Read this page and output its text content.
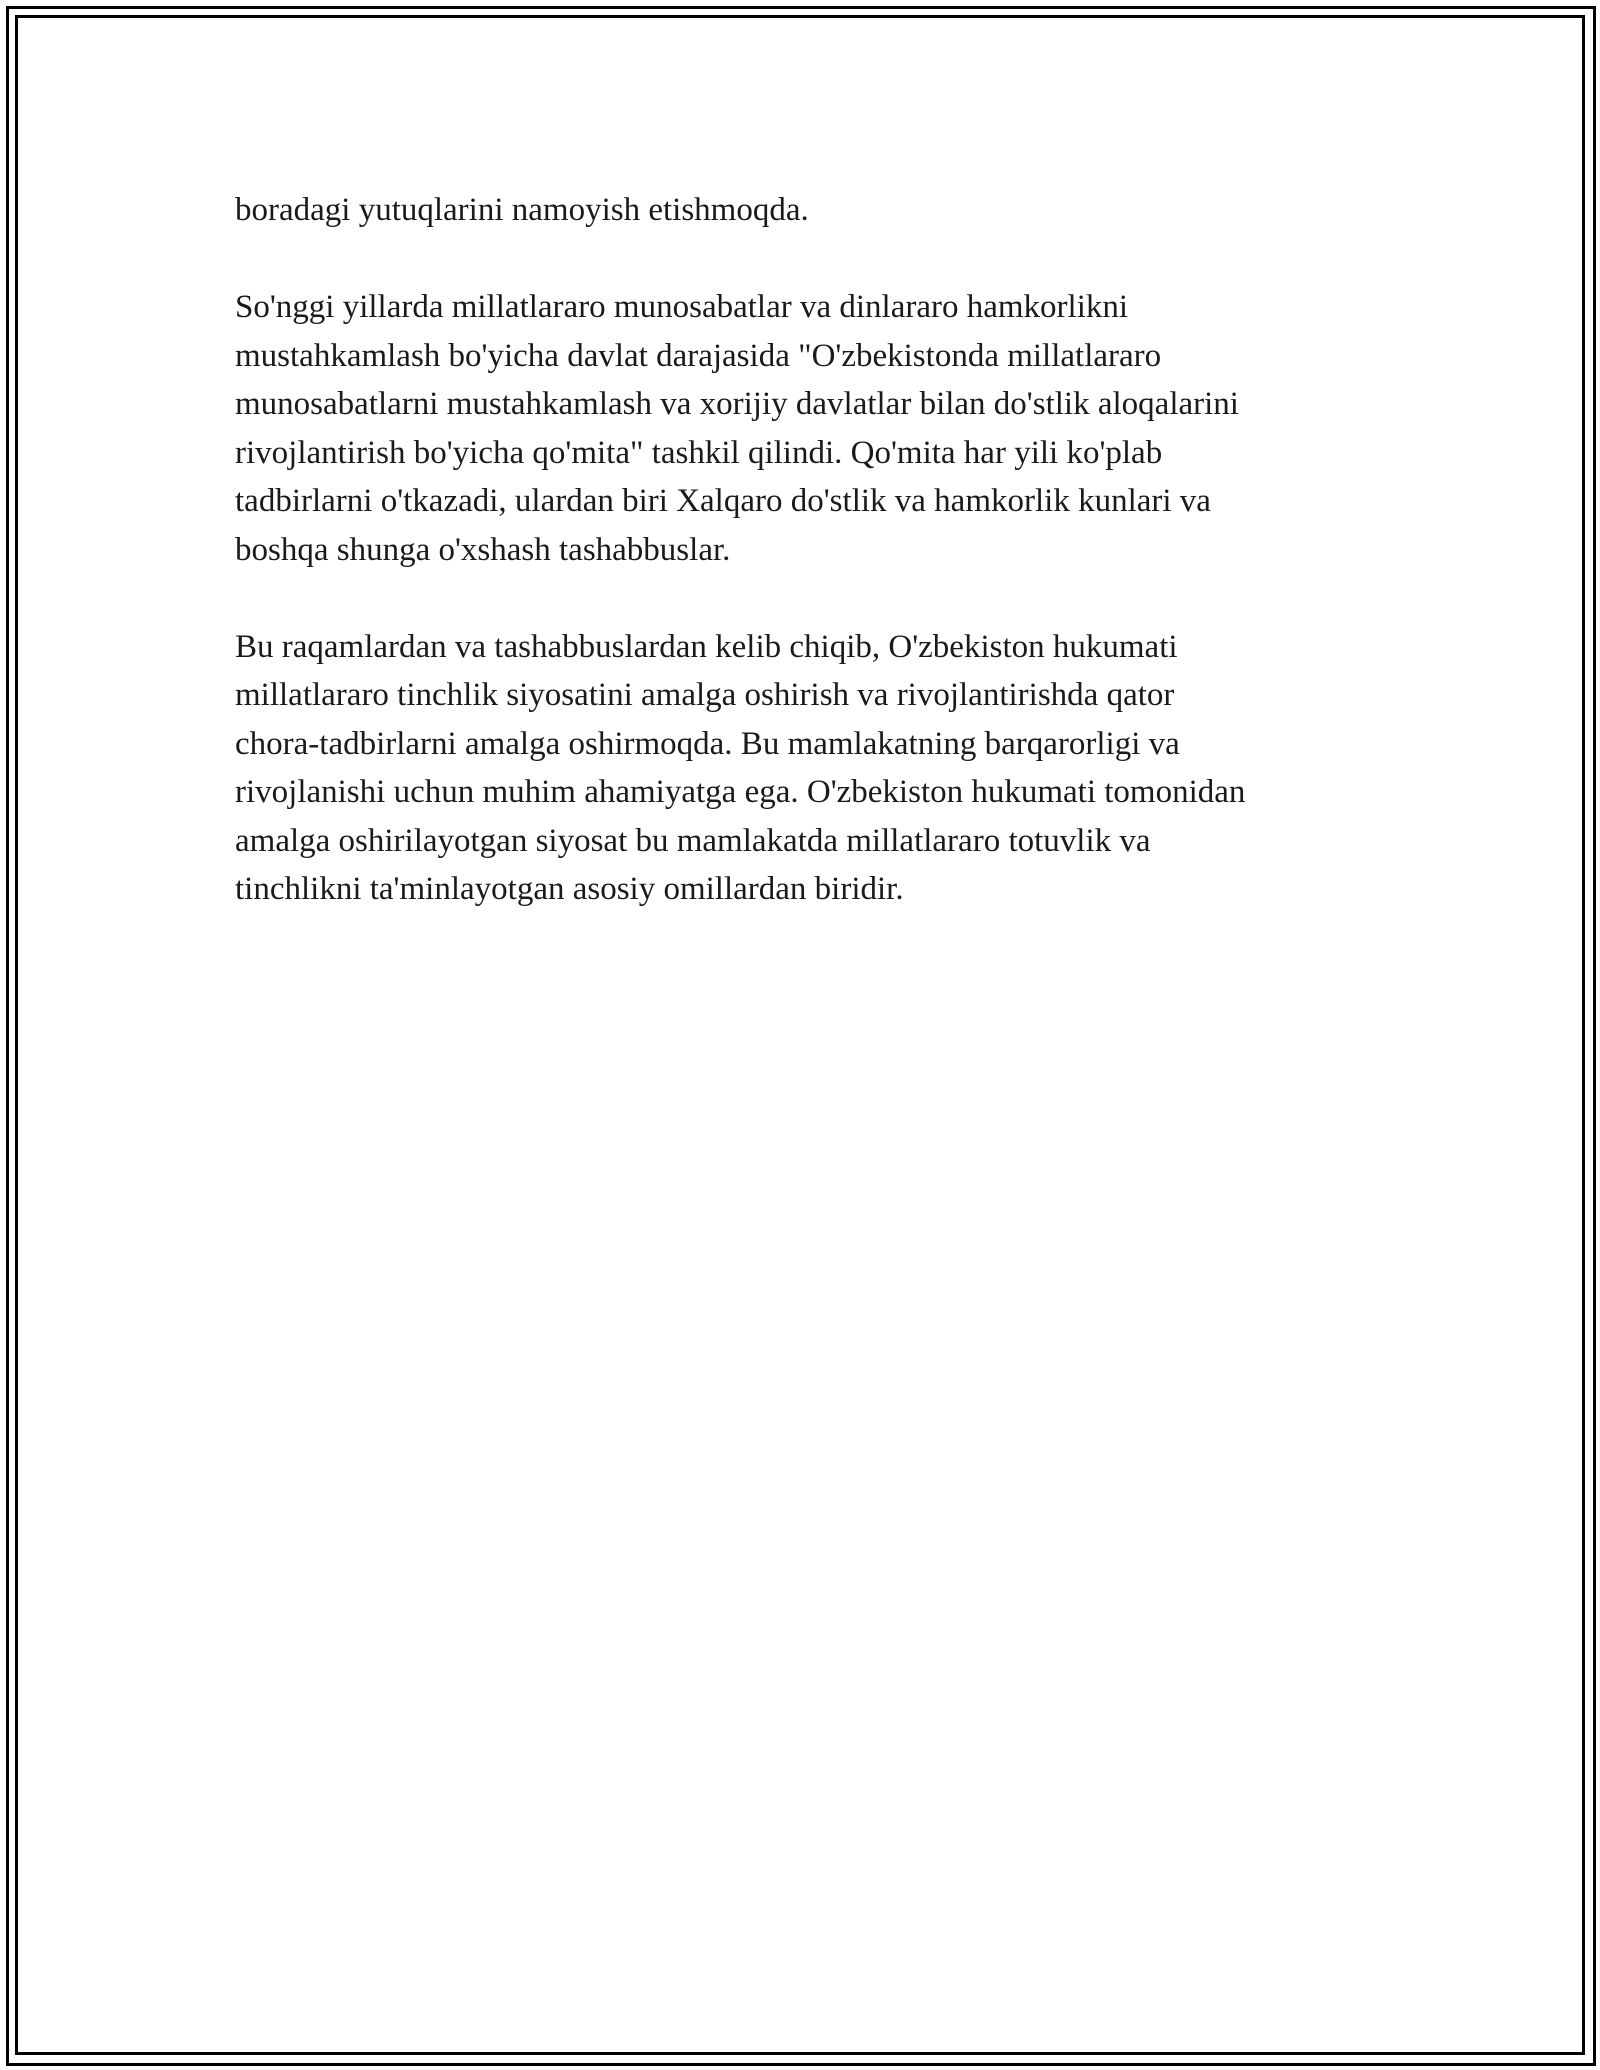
boradagi yutuqlarini namoyish etishmoqda.

So'nggi yillarda millatlararo munosabatlar va dinlararo hamkorlikni
mustahkamlash bo'yicha davlat darajasida "O'zbekistonda millatlararo
munosabatlarni mustahkamlash va xorijiy davlatlar bilan do'stlik aloqalarini
rivojlantirish bo'yicha qo'mita" tashkil qilindi. Qo'mita har yili ko'plab
tadbirlarni o'tkazadi, ulardan biri Xalqaro do'stlik va hamkorlik kunlari va
boshqa shunga o'xshash tashabbuslar.

Bu raqamlardan va tashabbuslardan kelib chiqib, O'zbekiston hukumati
millatlararo tinchlik siyosatini amalga oshirish va rivojlantirishda qator
chora-tadbirlarni amalga oshirmoqda. Bu mamlakatning barqarorligi va
rivojlanishi uchun muhim ahamiyatga ega. O'zbekiston hukumati tomonidan
amalga oshirilayotgan siyosat bu mamlakatda millatlararo totuvlik va
tinchlikni ta'minlayotgan asosiy omillardan biridir.
